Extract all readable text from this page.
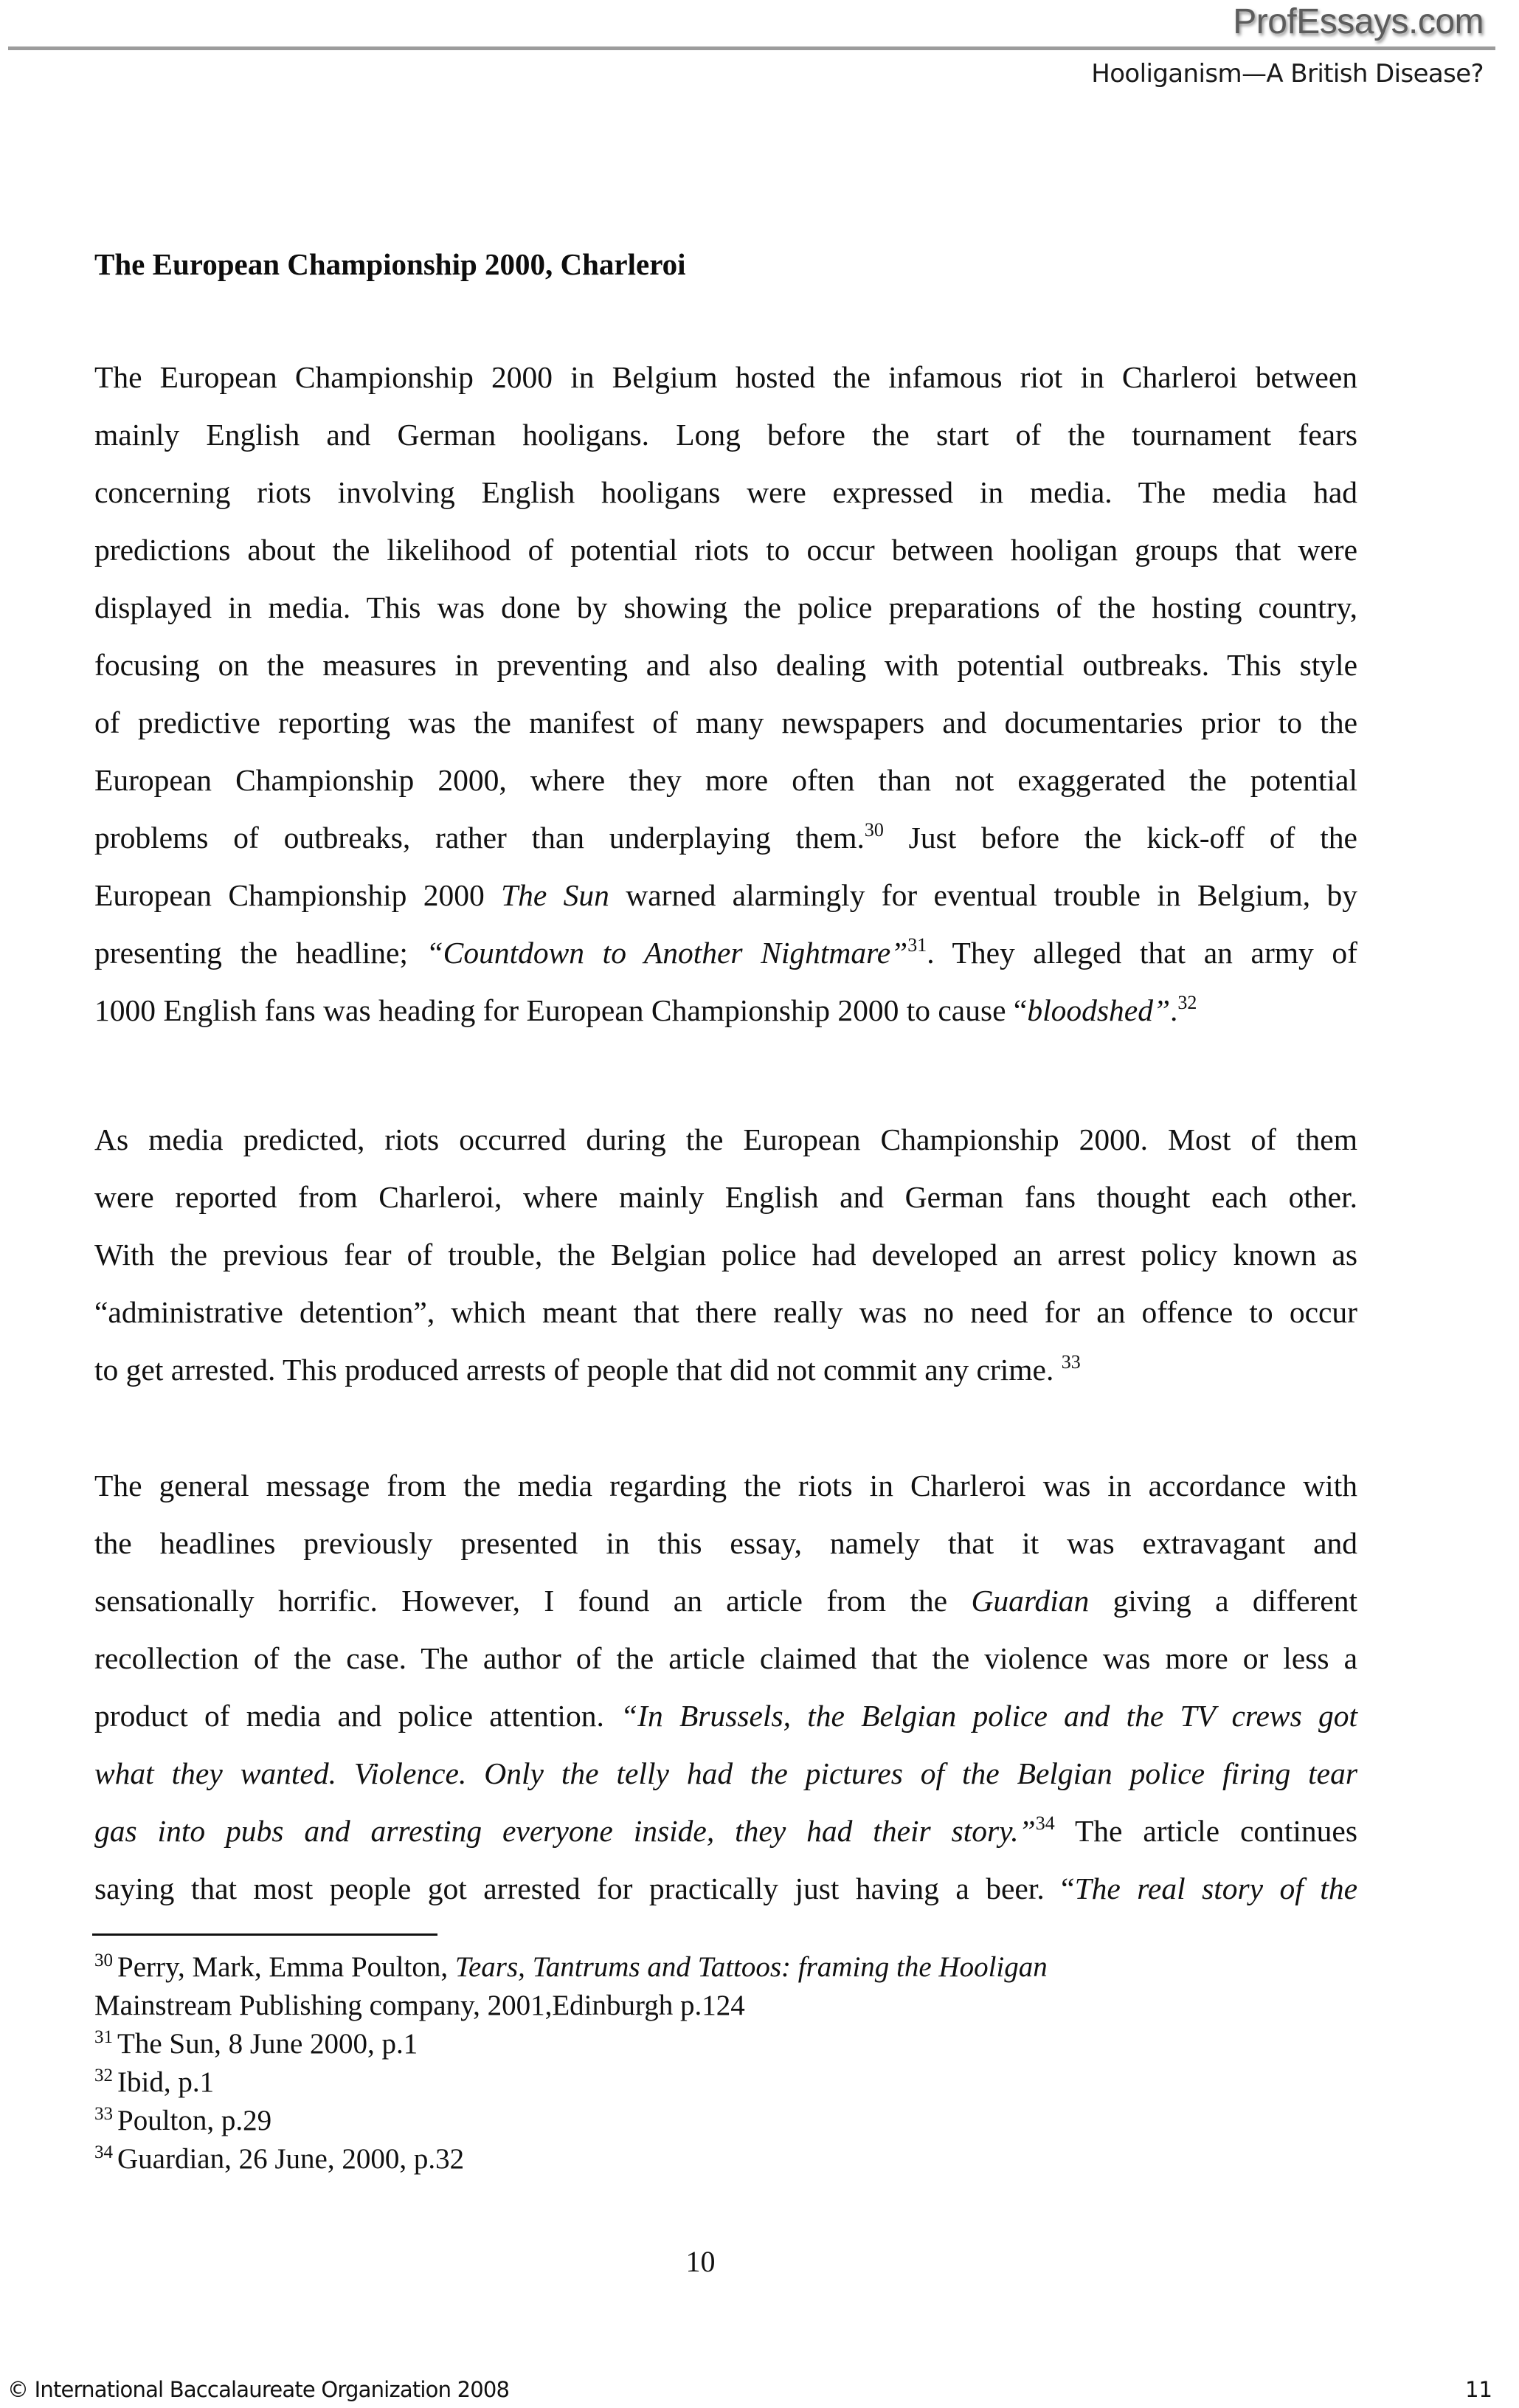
ProfEssays.com
Hooliganism—A British Disease?
The European Championship 2000, Charleroi
The European Championship 2000 in Belgium hosted the infamous riot in Charleroi between
mainly English and German hooligans. Long before the start of the tournament fears
concerning riots involving English hooligans were expressed in media. The media had
predictions about the likelihood of potential riots to occur between hooligan groups that were
displayed in media. This was done by showing the police preparations of the hosting country,
focusing on the measures in preventing and also dealing with potential outbreaks. This style
of predictive reporting was the manifest of many newspapers and documentaries prior to the
European Championship 2000, where they more often than not exaggerated the potential
problems of outbreaks, rather than underplaying them.$^{30}$ Just before the kick-off of the
European Championship 2000 The Sun warned alarmingly for eventual trouble in Belgium, by
presenting the headline; “Countdown to Another Nightmare”$^{31}$. They alleged that an army of
1000 English fans was heading for European Championship 2000 to cause “bloodshed”.$^{32}$
As media predicted, riots occurred during the European Championship 2000. Most of them
were reported from Charleroi, where mainly English and German fans thought each other.
With the previous fear of trouble, the Belgian police had developed an arrest policy known as
“administrative detention”, which meant that there really was no need for an offence to occur
to get arrested. This produced arrests of people that did not commit any crime. $^{33}$
The general message from the media regarding the riots in Charleroi was in accordance with
the headlines previously presented in this essay, namely that it was extravagant and
sensationally horrific. However, I found an article from the Guardian giving a different
recollection of the case. The author of the article claimed that the violence was more or less a
product of media and police attention. “In Brussels, the Belgian police and the TV crews got
what they wanted. Violence. Only the telly had the pictures of the Belgian police firing tear
gas into pubs and arresting everyone inside, they had their story.”$^{34}$ The article continues
saying that most people got arrested for practically just having a beer. “The real story of the
$^{30}$ Perry, Mark, Emma Poulton, Tears, Tantrums and Tattoos: framing the Hooligan
Mainstream Publishing company, 2001,Edinburgh p.124
$^{31}$ The Sun, 8 June 2000, p.1
$^{32}$ Ibid, p.1
$^{33}$ Poulton, p.29
$^{34}$ Guardian, 26 June, 2000, p.32
10
© International Baccalaureate Organization 2008	11
